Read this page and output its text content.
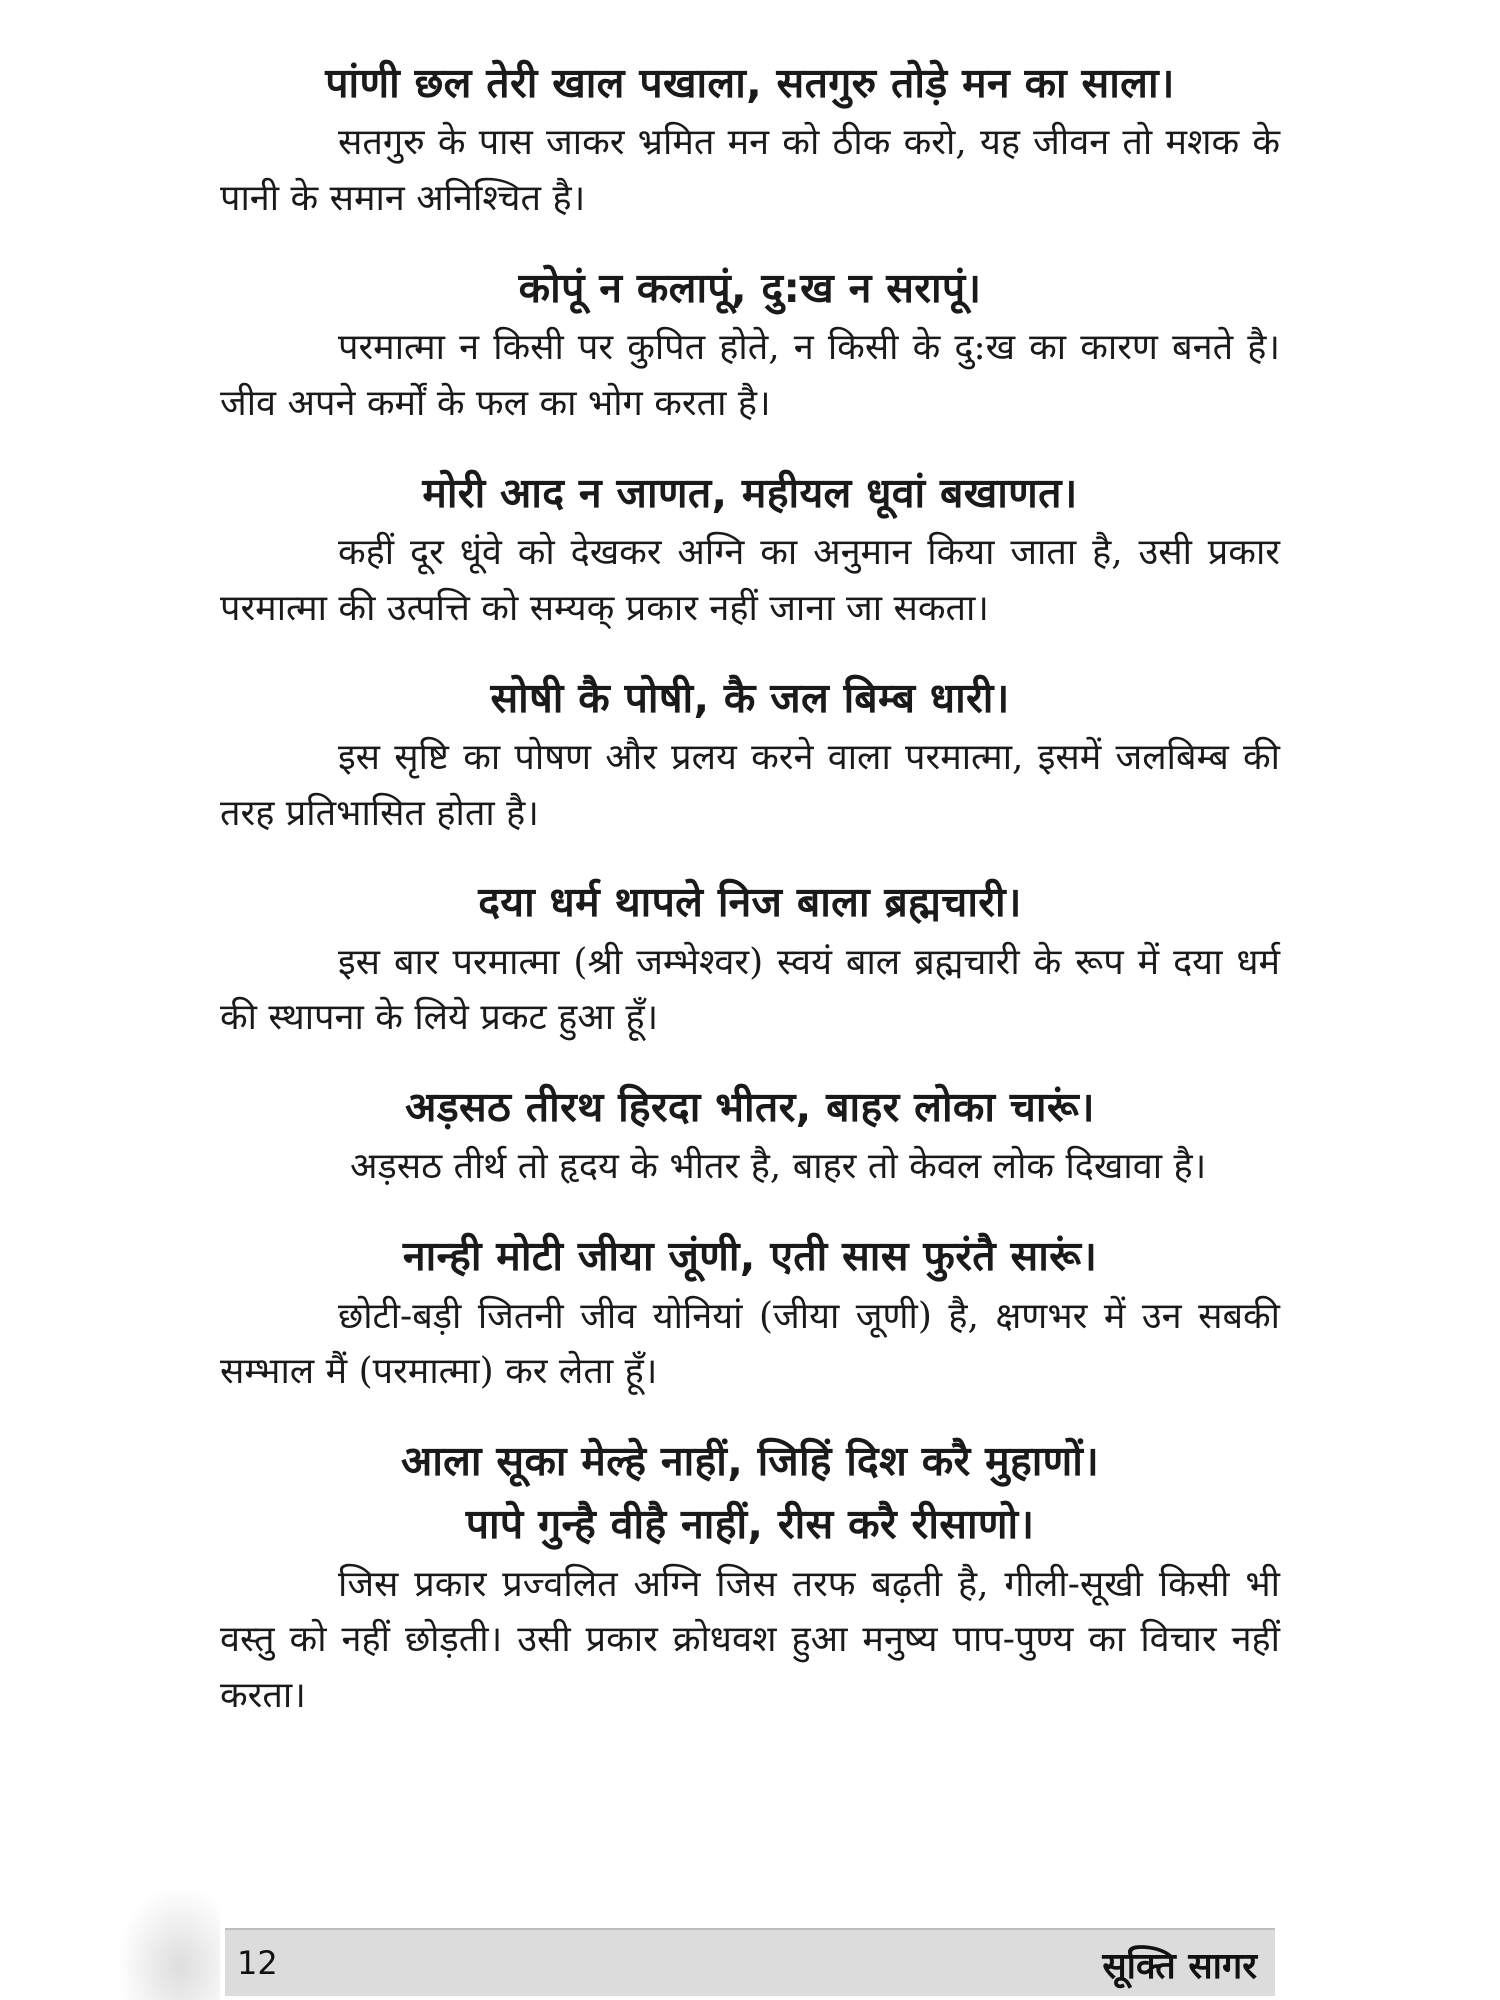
पांणी छल तेरी खाल पखाला, सतगुरु तोड़े मन का साला।

सतगुरु के पास जाकर भ्रमित मन को ठीक करो, यह जीवन तो मशक के पानी के समान अनिश्चित है।

कोपूं न कलापूं, दु:ख न सरापूं।

परमात्मा न किसी पर कुपित होते, न किसी के दु:ख का कारण बनते है। जीव अपने कर्मों के फल का भोग करता है।

मोरी आद न जाणत, महीयल धूवां बखाणत।

कहीं दूर धूंवे को देखकर अग्नि का अनुमान किया जाता है, उसी प्रकार परमात्मा की उत्पत्ति को सम्यक् प्रकार नहीं जाना जा सकता।

सोषी कै पोषी, कै जल बिम्ब धारी।

इस सृष्टि का पोषण और प्रलय करने वाला परमात्मा, इसमें जलबिम्ब की तरह प्रतिभासित होता है।

दया धर्म थापले निज बाला ब्रह्मचारी।

इस बार परमात्मा (श्री जम्भेश्वर) स्वयं बाल ब्रह्मचारी के रूप में दया धर्म की स्थापना के लिये प्रकट हुआ हूँ।

अड़सठ तीरथ हिरदा भीतर, बाहर लोका चारूं।

अड़सठ तीर्थ तो हृदय के भीतर है, बाहर तो केवल लोक दिखावा है।

नान्ही मोटी जीया जूंणी, एती सास फुरंतै सारूं।

छोटी-बड़ी जितनी जीव योनियां (जीया जूणी) है, क्षणभर में उन सबकी सम्भाल मैं (परमात्मा) कर लेता हूँ।

आला सूका मेल्हे नाहीं, जिहिं दिश करै मुहाणों।
पापे गुन्है वीहै नाहीं, रीस करै रीसाणो।

जिस प्रकार प्रज्वलित अग्नि जिस तरफ बढ़ती है, गीली-सूखी किसी भी वस्तु को नहीं छोड़ती। उसी प्रकार क्रोधवश हुआ मनुष्य पाप-पुण्य का विचार नहीं करता।

12	सूक्ति सागर
